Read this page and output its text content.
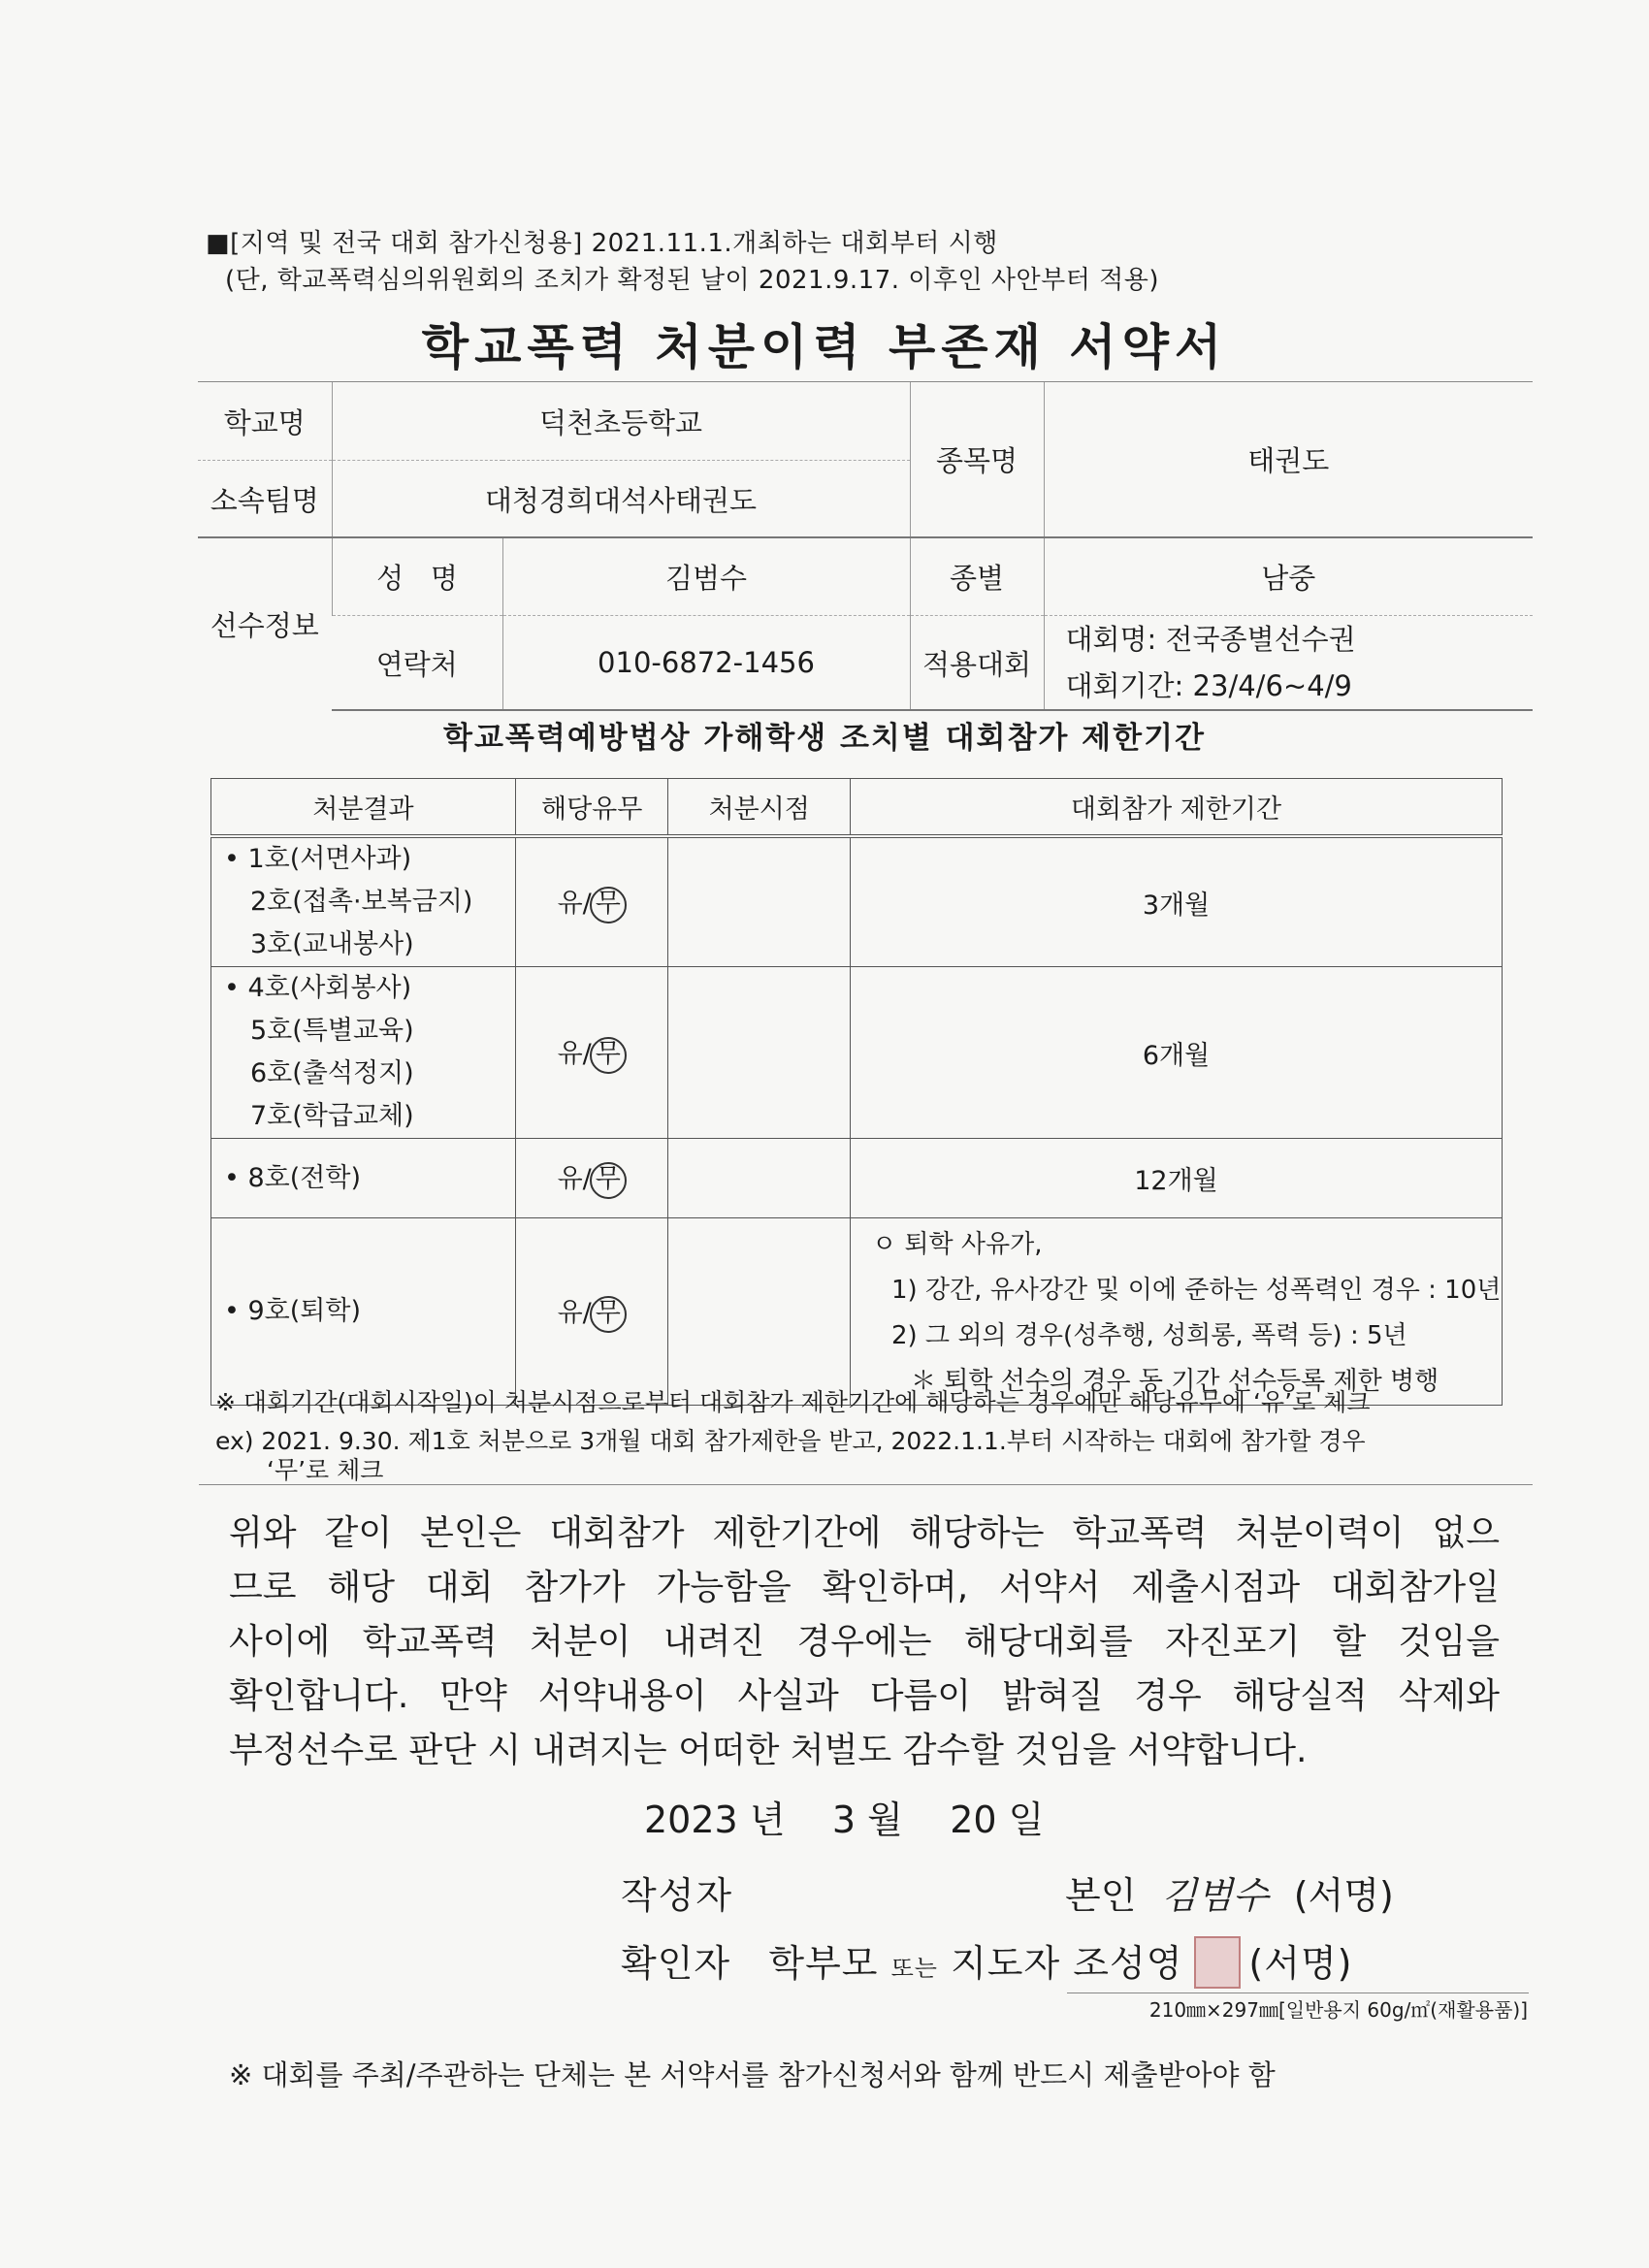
■[지역 및 전국 대회 참가신청용] 2021.11.1.개최하는 대회부터 시행
(단, 학교폭력심의위원회의 조치가 확정된 날이 2021.9.17. 이후인 사안부터 적용)
학교폭력 처분이력 부존재 서약서
학교명	덕천초등학교		종목명	태권도
소속팀명	대청경희대석사태권도			
선수정보	성   명	김범수	종별	남중
	연락처	010-6872-1456	적용대회	대회명: 전국종별선수권
대회기간: 23/4/6~4/9
학교폭력예방법상 가해학생 조치별 대회참가 제한기간
처분결과	해당유무	처분시점	대회참가 제한기간

• 1호(서면사과)
2호(접촉·보복금지)
3호(교내봉사)	유/ 무		3개월

• 4호(사회봉사)
5호(특별교육)
6호(출석정지)
7호(학급교체)	유/ 무		6개월

• 8호(전학)	유/ 무		12개월

• 9호(퇴학)	유/ 무		ㅇ 퇴학 사유가,
1) 강간, 유사강간 및 이에 준하는 성폭력인 경우 : 10년
2) 그 외의 경우(성추행, 성희롱, 폭력 등) : 5년
＊ 퇴학 선수의 경우 동 기간 선수등록 제한 병행
※ 대회기간(대회시작일)이 처분시점으로부터 대회참가 제한기간에 해당하는 경우에만 해당유무에 ‘유’로 체크
ex) 2021. 9.30. 제1호 처분으로 3개월 대회 참가제한을 받고, 2022.1.1.부터 시작하는 대회에 참가할 경우
‘무’로 체크
위와 같이 본인은 대회참가 제한기간에 해당하는 학교폭력 처분이력이 없으
므로 해당 대회 참가가 가능함을 확인하며, 서약서 제출시점과 대회참가일
사이에 학교폭력 처분이 내려진 경우에는 해당대회를 자진포기 할 것임을
확인합니다. 만약 서약내용이 사실과 다름이 밝혀질 경우 해당실적 삭제와
부정선수로 판단 시 내려지는 어떠한 처벌도 감수할 것임을 서약합니다.
2023 년 3 월 20 일
작성자	본인 김범수 (서명)
확인자 학부모 또는 지도자 조성영 (서명)
210㎜×297㎜[일반용지 60g/㎡(재활용품)]
※ 대회를 주최/주관하는 단체는 본 서약서를 참가신청서와 함께 반드시 제출받아야 함
